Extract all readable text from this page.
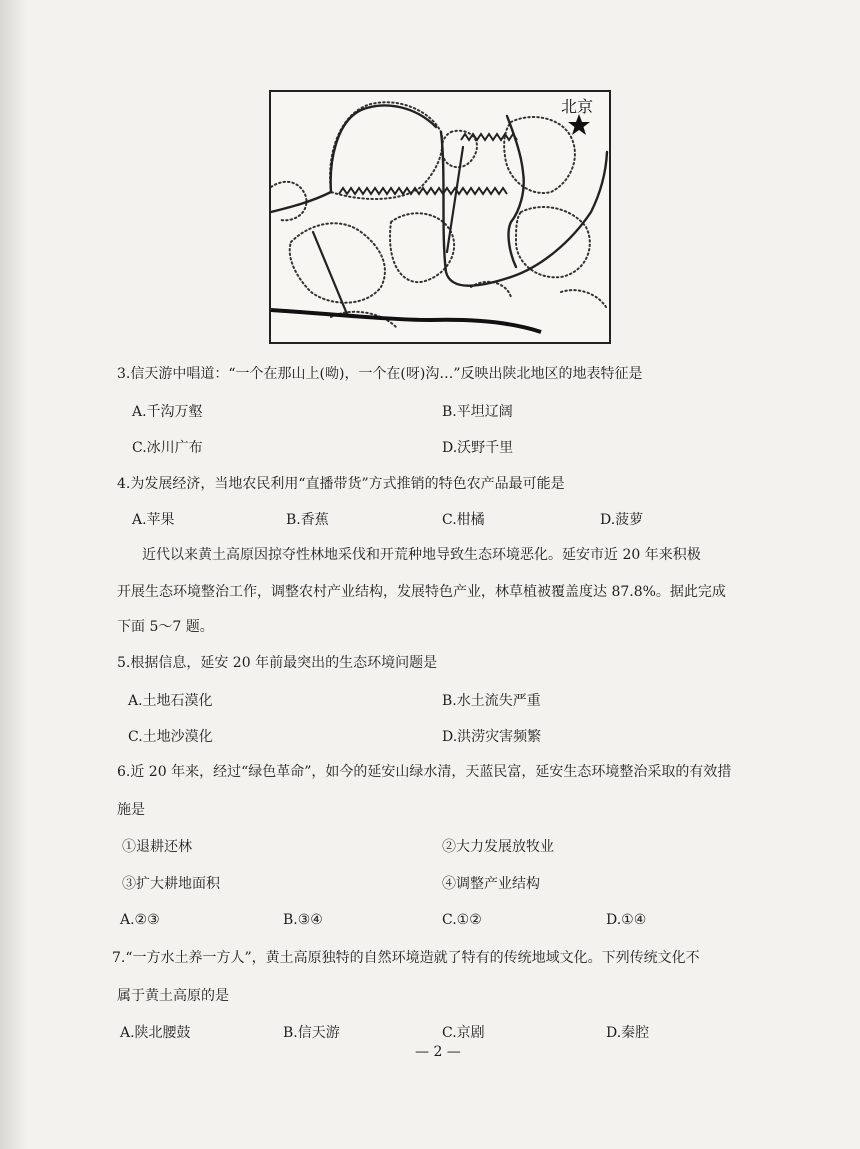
北京
3.信天游中唱道：“一个在那山上(呦)，一个在(呀)沟…”反映出陕北地区的地表特征是
A.千沟万壑	B.平坦辽阔
C.冰川广布	D.沃野千里
4.为发展经济，当地农民利用“直播带货”方式推销的特色农产品最可能是
A.苹果	B.香蕉	C.柑橘	D.菠萝
近代以来黄土高原因掠夺性林地采伐和开荒种地导致生态环境恶化。延安市近 20 年来积极
开展生态环境整治工作，调整农村产业结构，发展特色产业，林草植被覆盖度达 87.8%。据此完成
下面 5～7 题。
5.根据信息，延安 20 年前最突出的生态环境问题是
A.土地石漠化	B.水土流失严重
C.土地沙漠化	D.洪涝灾害频繁
6.近 20 年来，经过“绿色革命”，如今的延安山绿水清，天蓝民富，延安生态环境整治采取的有效措
施是
①退耕还林	②大力发展放牧业
③扩大耕地面积	④调整产业结构
A.②③	B.③④	C.①②	D.①④
7.“一方水土养一方人”，黄土高原独特的自然环境造就了特有的传统地域文化。下列传统文化不
属于黄土高原的是
A.陕北腰鼓	B.信天游	C.京剧	D.秦腔
— 2 —
